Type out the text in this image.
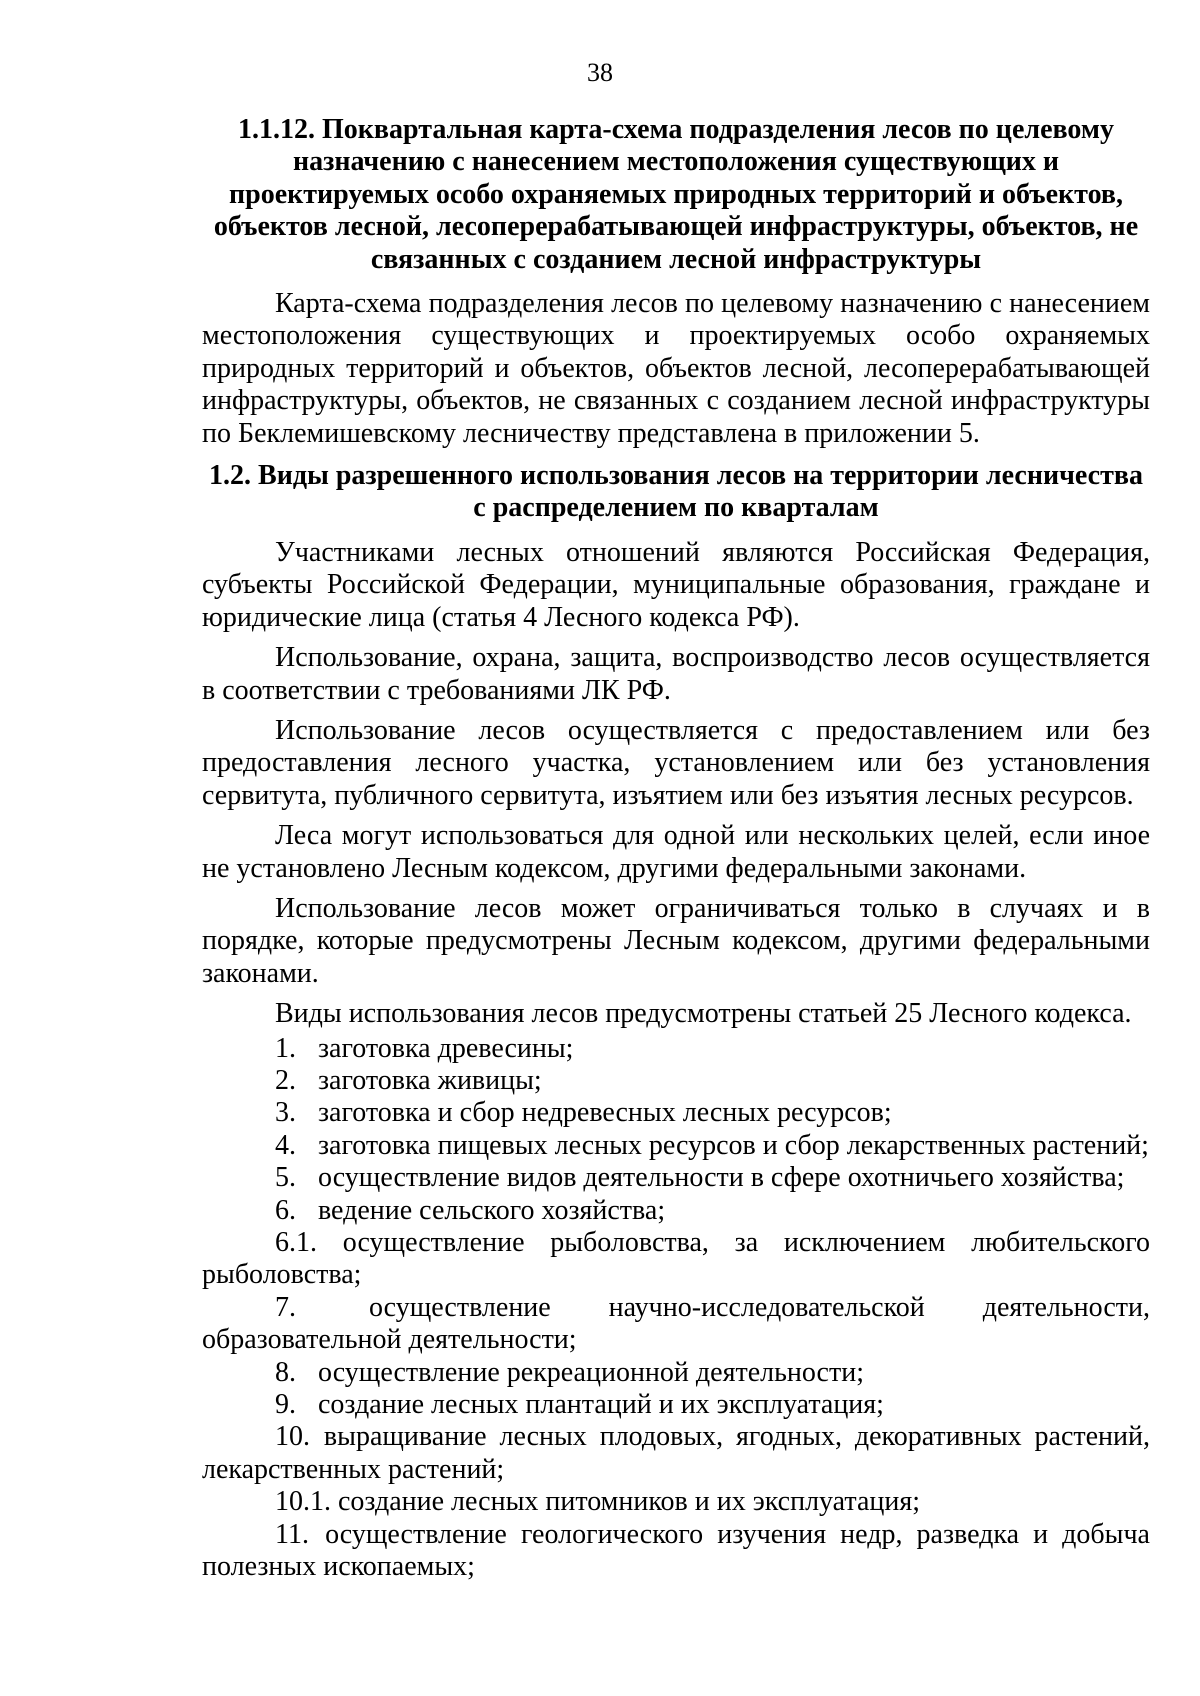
38

1.1.12. Поквартальная карта-схема подразделения лесов по целевому назначению с нанесением местоположения существующих и проектируемых особо охраняемых природных территорий и объектов, объектов лесной, лесоперерабатывающей инфраструктуры, объектов, не связанных с созданием лесной инфраструктуры

Карта-схема подразделения лесов по целевому назначению с нанесением местоположения существующих и проектируемых особо охраняемых природных территорий и объектов, объектов лесной, лесоперерабатывающей инфраструктуры, объектов, не связанных с созданием лесной инфраструктуры по Беклемишевскому лесничеству представлена в приложении 5.

1.2. Виды разрешенного использования лесов на территории лесничества с распределением по кварталам

Участниками лесных отношений являются Российская Федерация, субъекты Российской Федерации, муниципальные образования, граждане и юридические лица (статья 4 Лесного кодекса РФ).

Использование, охрана, защита, воспроизводство лесов осуществляется в соответствии с требованиями ЛК РФ.

Использование лесов осуществляется с предоставлением или без предоставления лесного участка, установлением или без установления сервитута, публичного сервитута, изъятием или без изъятия лесных ресурсов.

Леса могут использоваться для одной или нескольких целей, если иное не установлено Лесным кодексом, другими федеральными законами.

Использование лесов может ограничиваться только в случаях и в порядке, которые предусмотрены Лесным кодексом, другими федеральными законами.

Виды использования лесов предусмотрены статьей 25 Лесного кодекса.

1. заготовка древесины;

2. заготовка живицы;

3. заготовка и сбор недревесных лесных ресурсов;

4. заготовка пищевых лесных ресурсов и сбор лекарственных растений;

5. осуществление видов деятельности в сфере охотничьего хозяйства;

6. ведение сельского хозяйства;

6.1. осуществление рыболовства, за исключением любительского рыболовства;

7.	осуществление научно-исследовательской деятельности, образовательной деятельности;

8. осуществление рекреационной деятельности;

9. создание лесных плантаций и их эксплуатация;

10. выращивание лесных плодовых, ягодных, декоративных растений, лекарственных растений;

10.1. создание лесных питомников и их эксплуатация;

11. осуществление геологического изучения недр, разведка и добыча полезных ископаемых;
